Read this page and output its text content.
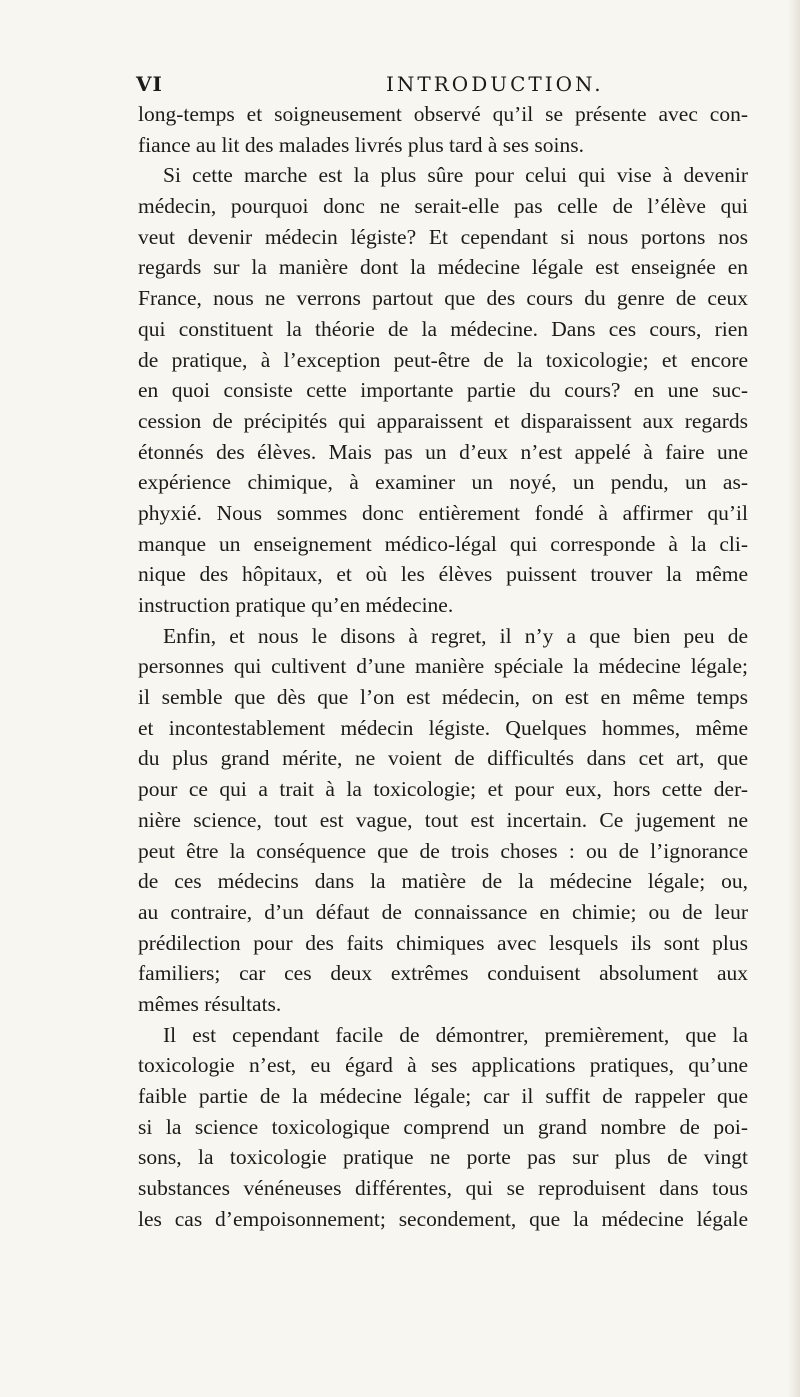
VI	INTRODUCTION.
long-temps et soigneusement observé qu’il se présente avec con-
fiance au lit des malades livrés plus tard à ses soins.
Si cette marche est la plus sûre pour celui qui vise à devenir
médecin, pourquoi donc ne serait-elle pas celle de l’élève qui
veut devenir médecin légiste? Et cependant si nous portons nos
regards sur la manière dont la médecine légale est enseignée en
France, nous ne verrons partout que des cours du genre de ceux
qui constituent la théorie de la médecine. Dans ces cours, rien
de pratique, à l’exception peut-être de la toxicologie; et encore
en quoi consiste cette importante partie du cours? en une suc-
cession de précipités qui apparaissent et disparaissent aux regards
étonnés des élèves. Mais pas un d’eux n’est appelé à faire une
expérience chimique, à examiner un noyé, un pendu, un as-
phyxié. Nous sommes donc entièrement fondé à affirmer qu’il
manque un enseignement médico-légal qui corresponde à la cli-
nique des hôpitaux, et où les élèves puissent trouver la même
instruction pratique qu’en médecine.
Enfin, et nous le disons à regret, il n’y a que bien peu de
personnes qui cultivent d’une manière spéciale la médecine légale;
il semble que dès que l’on est médecin, on est en même temps
et incontestablement médecin légiste. Quelques hommes, même
du plus grand mérite, ne voient de difficultés dans cet art, que
pour ce qui a trait à la toxicologie; et pour eux, hors cette der-
nière science, tout est vague, tout est incertain. Ce jugement ne
peut être la conséquence que de trois choses : ou de l’ignorance
de ces médecins dans la matière de la médecine légale; ou,
au contraire, d’un défaut de connaissance en chimie; ou de leur
prédilection pour des faits chimiques avec lesquels ils sont plus
familiers; car ces deux extrêmes conduisent absolument aux
mêmes résultats.
Il est cependant facile de démontrer, premièrement, que la
toxicologie n’est, eu égard à ses applications pratiques, qu’une
faible partie de la médecine légale; car il suffit de rappeler que
si la science toxicologique comprend un grand nombre de poi-
sons, la toxicologie pratique ne porte pas sur plus de vingt
substances vénéneuses différentes, qui se reproduisent dans tous
les cas d’empoisonnement; secondement, que la médecine légale
